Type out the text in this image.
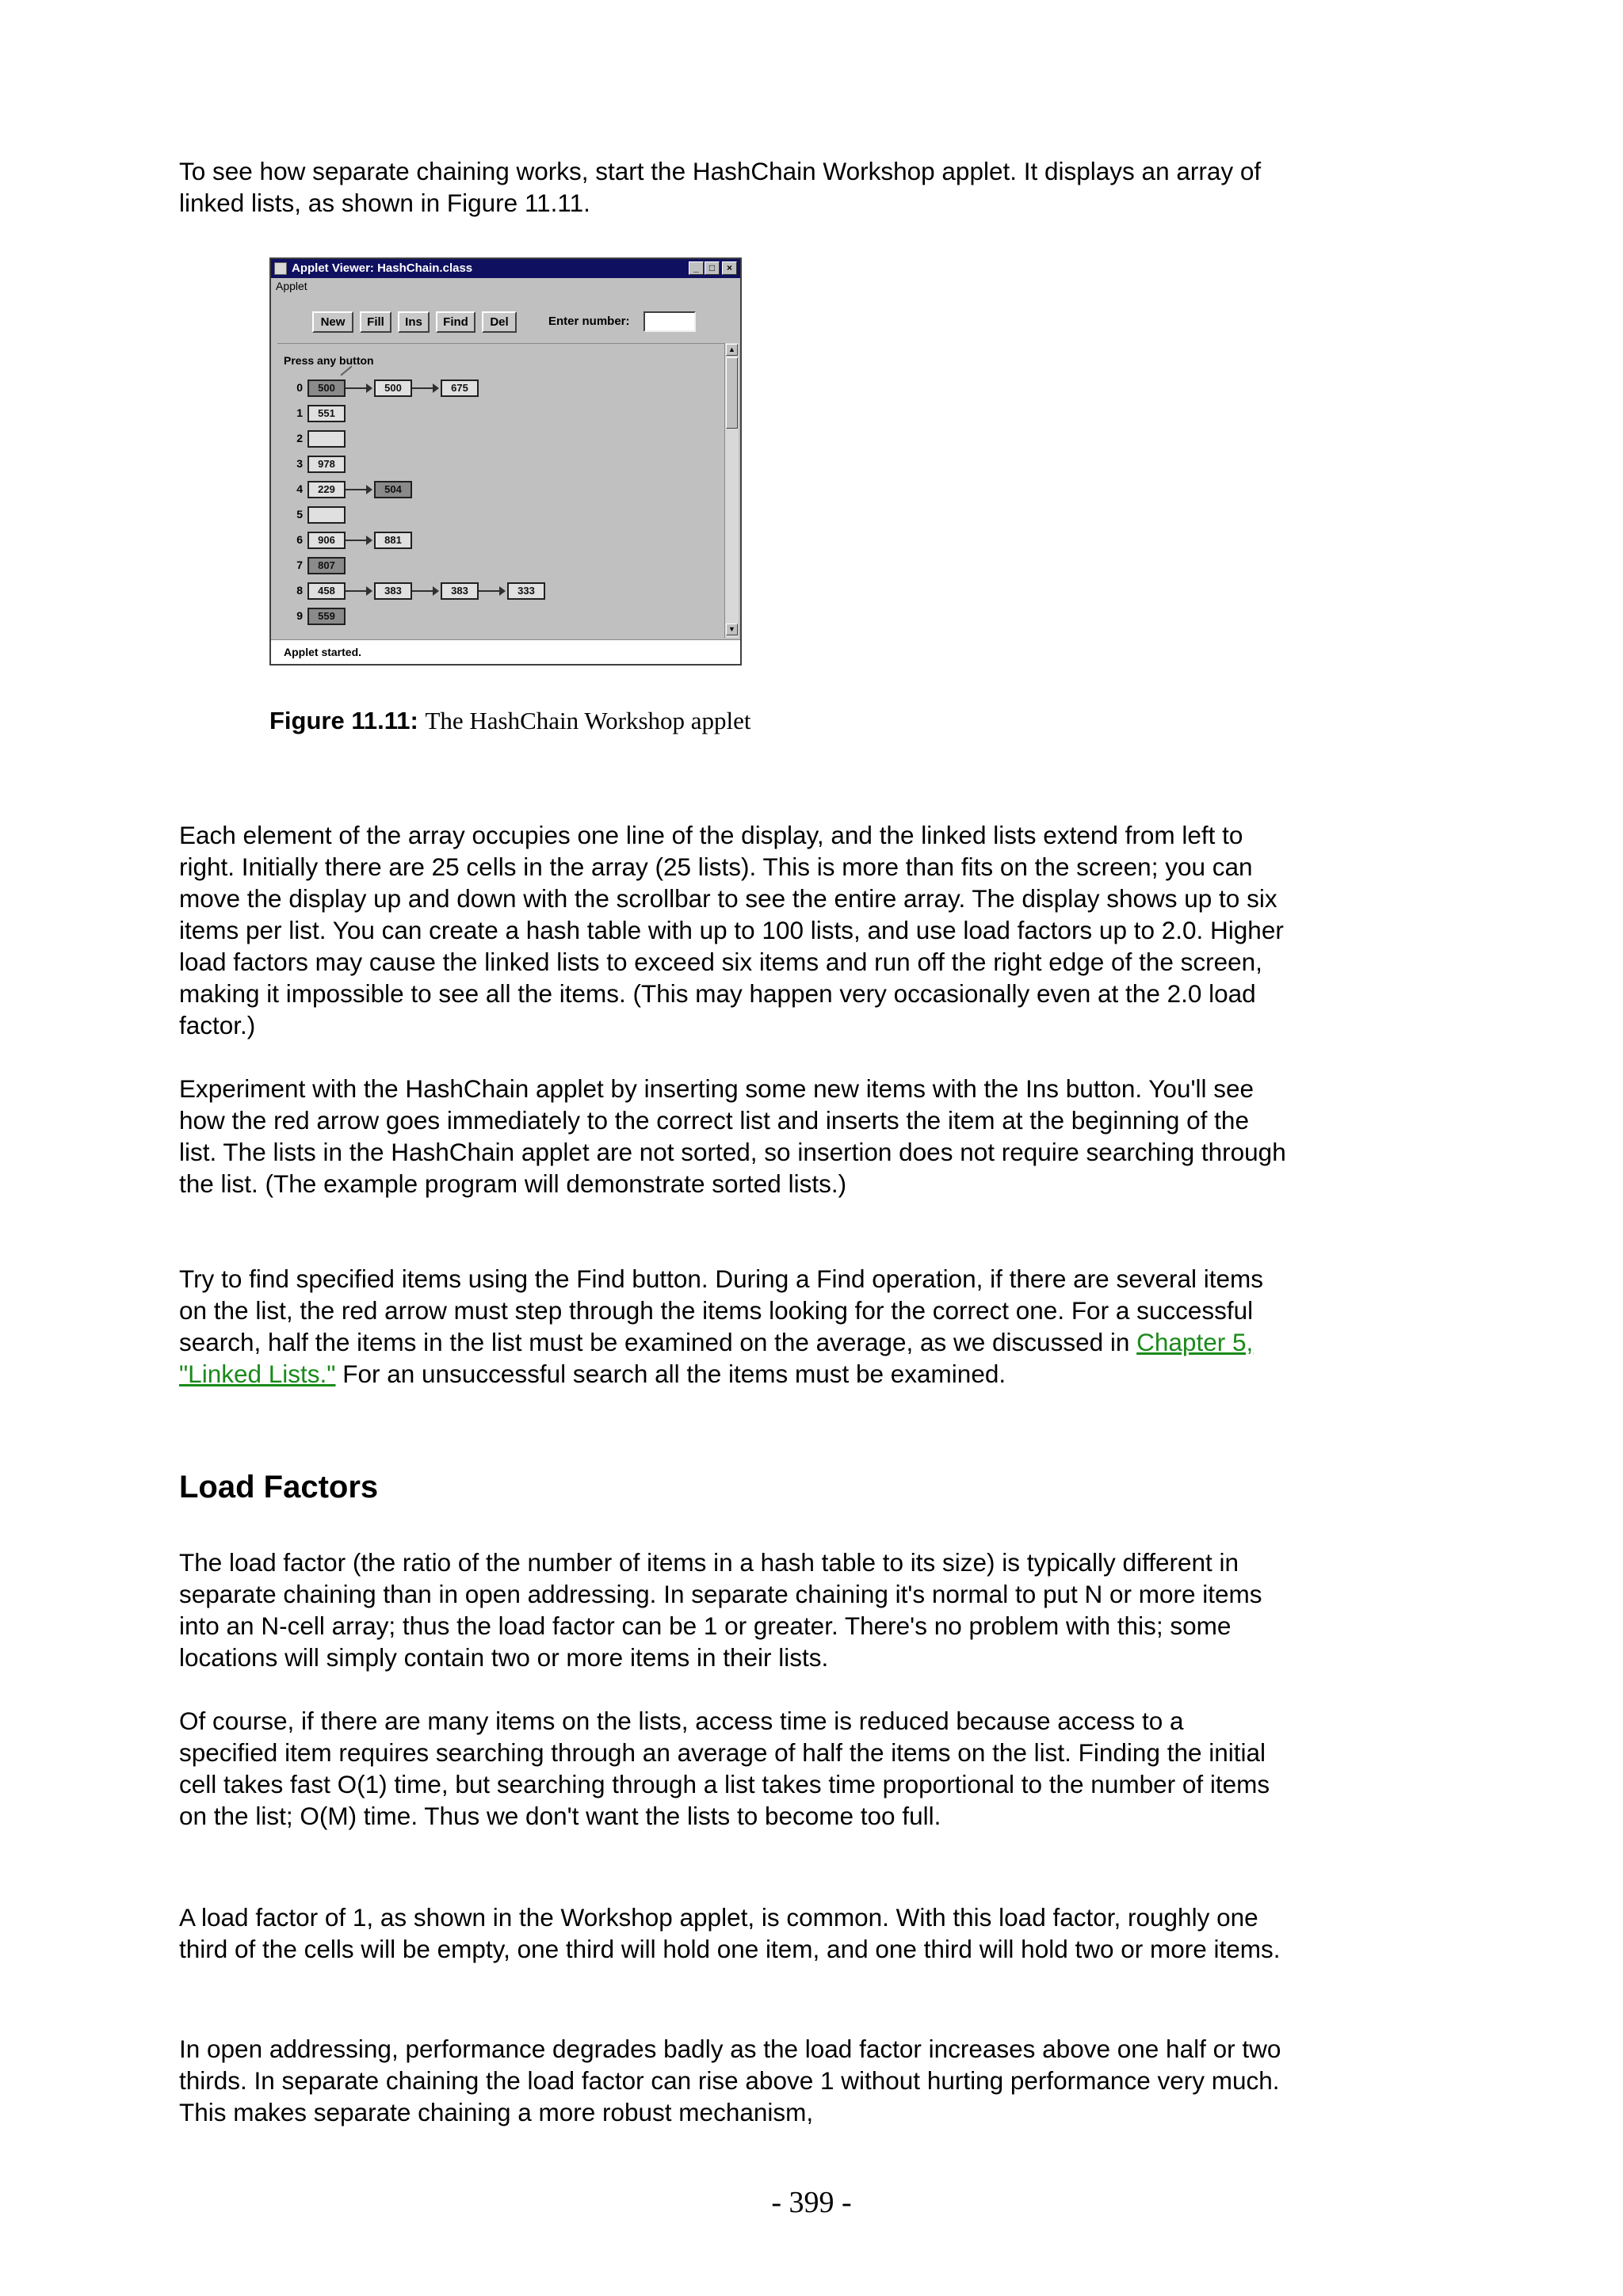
To see how separate chaining works, start the HashChain Workshop applet. It displays an array of linked lists, as shown in Figure 11.11.

Applet Viewer: HashChain.class	_	□	×
Applet
New	Fill	Ins	Find	Del	Enter number:
Press any button
0	500	500	675
1	551
2
3	978
4	229	504
5
6	906	881
7	807
8	458	383	383	333
9	559
▲
▼
Applet started.
Figure 11.11: The HashChain Workshop applet

Each element of the array occupies one line of the display, and the linked lists extend from left to right. Initially there are 25 cells in the array (25 lists). This is more than fits on the screen; you can move the display up and down with the scrollbar to see the entire array. The display shows up to six items per list. You can create a hash table with up to 100 lists, and use load factors up to 2.0. Higher load factors may cause the linked lists to exceed six items and run off the right edge of the screen, making it impossible to see all the items. (This may happen very occasionally even at the 2.0 load factor.)

Experiment with the HashChain applet by inserting some new items with the Ins button. You'll see how the red arrow goes immediately to the correct list and inserts the item at the beginning of the list. The lists in the HashChain applet are not sorted, so insertion does not require searching through the list. (The example program will demonstrate sorted lists.)

Try to find specified items using the Find button. During a Find operation, if there are several items on the list, the red arrow must step through the items looking for the correct one. For a successful search, half the items in the list must be examined on the average, as we discussed in Chapter 5, "Linked Lists." For an unsuccessful search all the items must be examined.

Load Factors

The load factor (the ratio of the number of items in a hash table to its size) is typically different in separate chaining than in open addressing. In separate chaining it's normal to put N or more items into an N-cell array; thus the load factor can be 1 or greater. There's no problem with this; some locations will simply contain two or more items in their lists.

Of course, if there are many items on the lists, access time is reduced because access to a specified item requires searching through an average of half the items on the list. Finding the initial cell takes fast O(1) time, but searching through a list takes time proportional to the number of items on the list; O(M) time. Thus we don't want the lists to become too full.

A load factor of 1, as shown in the Workshop applet, is common. With this load factor, roughly one third of the cells will be empty, one third will hold one item, and one third will hold two or more items.

In open addressing, performance degrades badly as the load factor increases above one half or two thirds. In separate chaining the load factor can rise above 1 without hurting performance very much. This makes separate chaining a more robust mechanism,

- 399 -
